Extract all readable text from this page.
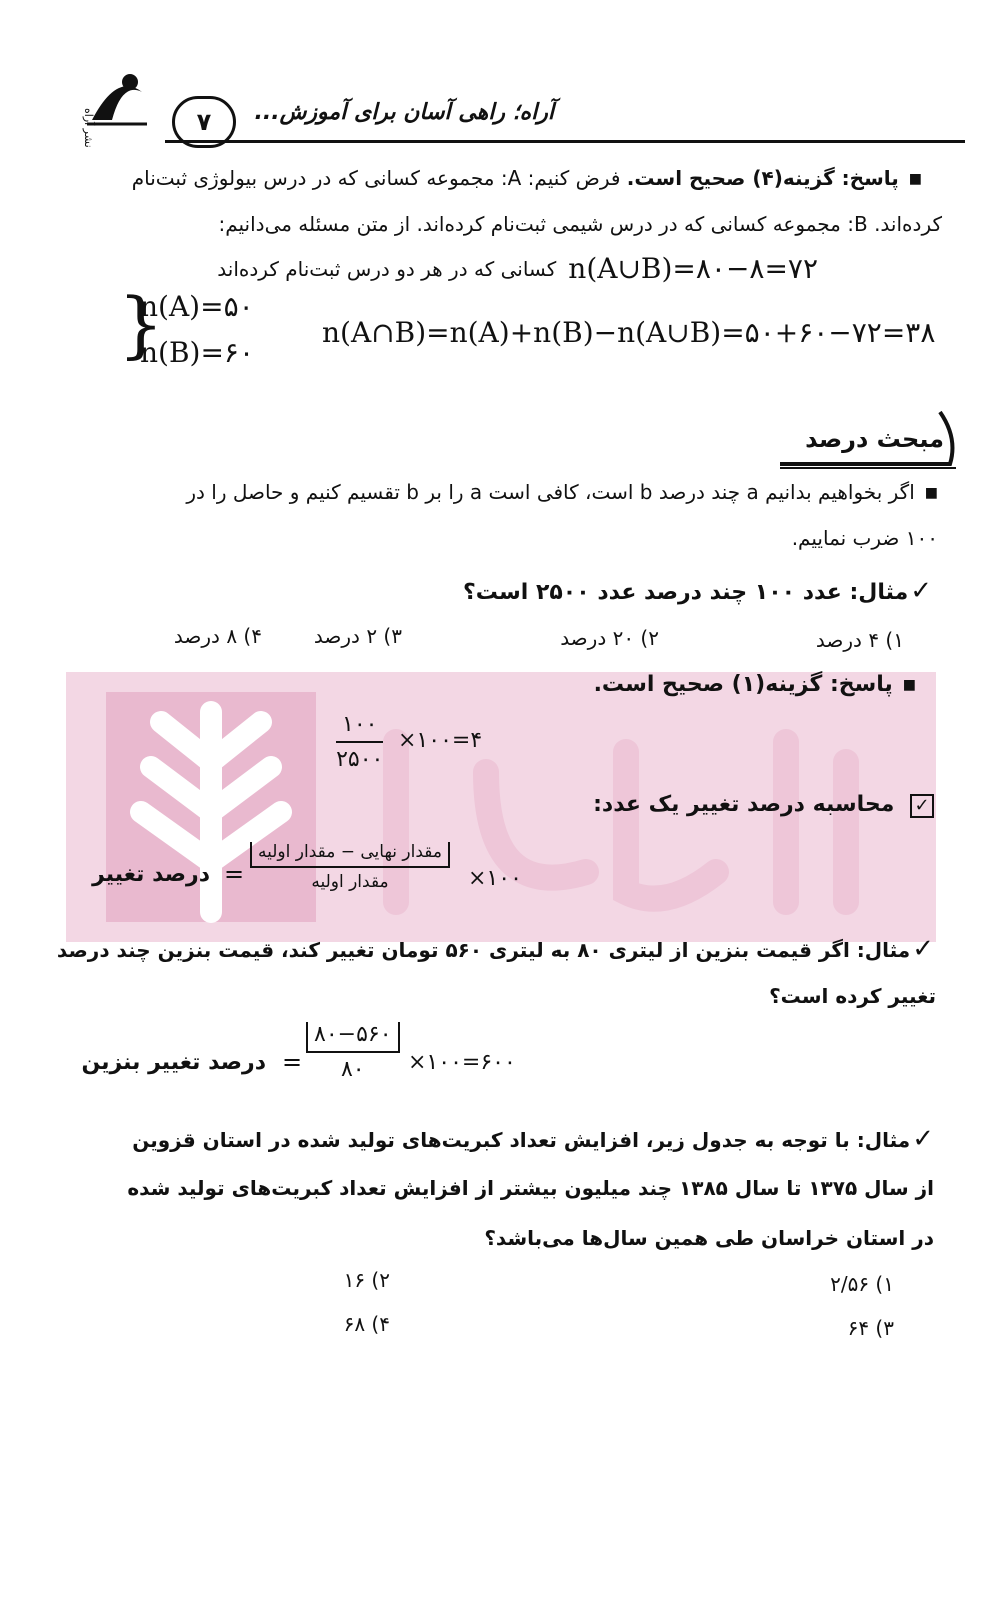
نشر آراه	۷	آراه؛ راهی آسان برای آموزش...
■ پاسخ: گزینه(۴) صحیح است. فرض کنیم: A: مجموعه کسانی که در درس بیولوژی ثبت‌نام
کرده‌اند. B: مجموعه کسانی که در درس شیمی ثبت‌نام کرده‌اند. از متن مسئله می‌دانیم:
n(A∪B)=۸۰−۸=۷۲
کسانی که در هر دو درس ثبت‌نام کرده‌اند
{
n(A)=۵۰
n(B)=۶۰
n(A∩B)=n(A)+n(B)−n(A∪B)=۵۰+۶۰−۷۲=۳۸
مبحث درصد
■ اگر بخواهیم بدانیم a چند درصد b است، کافی است a را بر b تقسیم کنیم و حاصل را در
۱۰۰ ضرب نماییم.
✓مثال: عدد ۱۰۰ چند درصد عدد ۲۵۰۰ است؟
۱) ۴ درصد
۲) ۲۰ درصد
۳) ۲ درصد
۴) ۸ درصد
■ پاسخ: گزینه(۱) صحیح است.
۱۰۰
۲۵۰۰
×۱۰۰=۴
✓ محاسبه درصد تغییر یک عدد:
درصد تغییر =
مقدار نهایی − مقدار اولیه
مقدار اولیه	×۱۰۰
✓مثال: اگر قیمت بنزین از لیتری ۸۰ به لیتری ۵۶۰ تومان تغییر کند، قیمت بنزین چند درصد
تغییر کرده است؟
درصد تغییر بنزین =
۸۰−۵۶۰
۸۰	×۱۰۰=۶۰۰
✓مثال: با توجه به جدول زیر، افزایش تعداد کبریت‌های تولید شده در استان قزوین
از سال ۱۳۷۵ تا سال ۱۳۸۵ چند میلیون بیشتر از افزایش تعداد کبریت‌های تولید شده
در استان خراسان طی همین سال‌ها می‌باشد؟
۱) ۲/۵۶
۲) ۱۶
۳) ۶۴
۴) ۶۸
